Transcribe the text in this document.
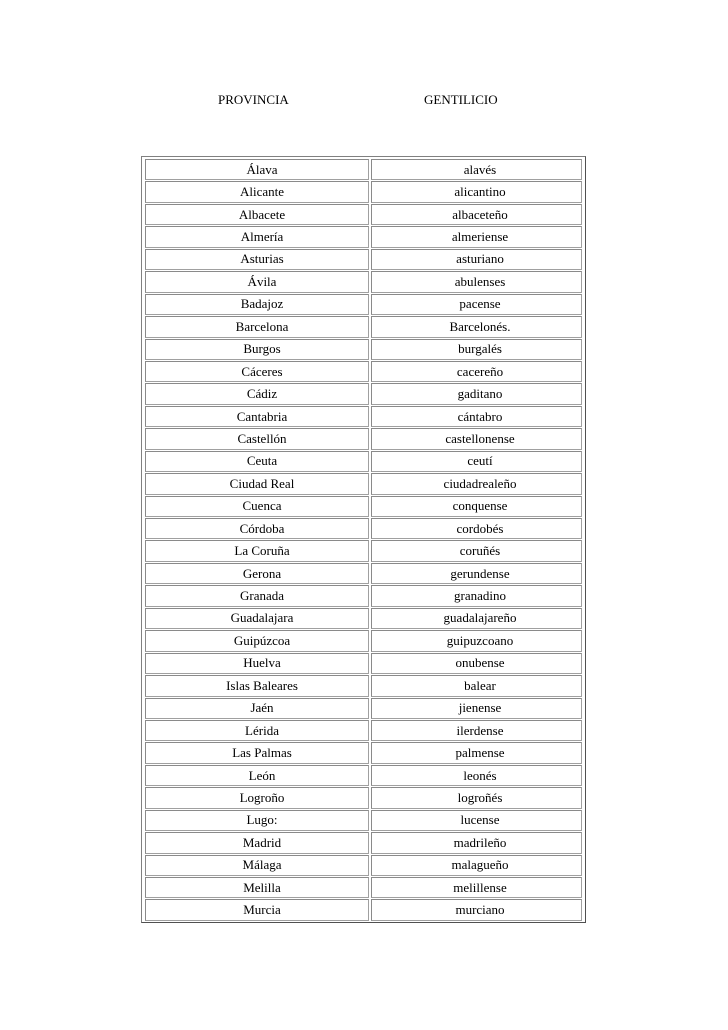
PROVINCIA	GENTILICIO
Álava	alavés
Alicante	alicantino
Albacete	albaceteño
Almería	almeriense
Asturias	asturiano
Ávila	abulenses
Badajoz	pacense
Barcelona	Barcelonés.
Burgos	burgalés
Cáceres	cacereño
Cádiz	gaditano
Cantabria	cántabro
Castellón	castellonense
Ceuta	ceutí
Ciudad Real	ciudadrealeño
Cuenca	conquense
Córdoba	cordobés
La Coruña	coruñés
Gerona	gerundense
Granada	granadino
Guadalajara	guadalajareño
Guipúzcoa	guipuzcoano
Huelva	onubense
Islas Baleares	balear
Jaén	jienense
Lérida	ilerdense
Las Palmas	palmense
León	leonés
Logroño	logroñés
Lugo:	lucense
Madrid	madrileño
Málaga	malagueño
Melilla	melillense
Murcia	murciano
